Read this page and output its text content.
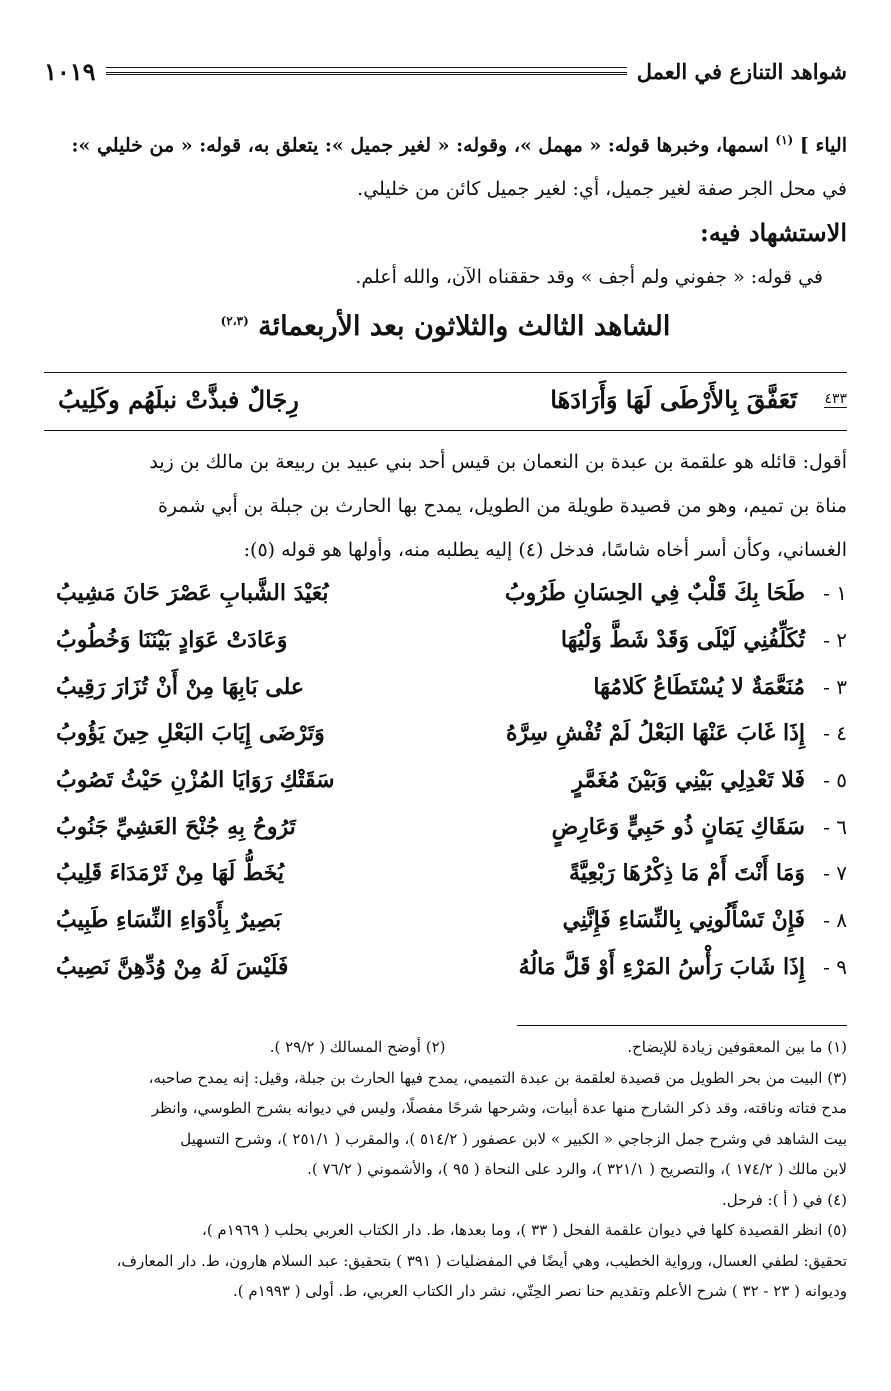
شواهد التنازع في العمل
١٠١٩

الياء ] $^{(١)}$ اسمها، وخبرها قوله: « مهمل »، وقوله: « لغير جميل »: يتعلق به، قوله: « من خليلي »:

في محل الجر صفة لغير جميل، أي: لغير جميل كائن من خليلي.

الاستشهاد فيه:

في قوله: « جفوني ولم أجف » وقد حققناه الآن، والله أعلم.

الشاهد الثالث والثلاثون بعد الأربعمائة $^{(٢،٣)}$

٤٣٣
تَعَفَّقَ بِالأَرْطَى لَهَا وَأَرَادَهَا
رِجَالٌ فبذَّتْ نبلَهُم وكَلِيبُ

أقول: قائله هو علقمة بن عبدة بن النعمان بن قيس أحد بني عبيد بن ربيعة بن مالك بن زيد

مناة بن تميم، وهو من قصيدة طويلة من الطويل، يمدح بها الحارث بن جبلة بن أبي شمرة

الغساني، وكأن أسر أخاه شاسًا، فدخل (٤) إليه يطلبه منه، وأولها هو قوله (٥):

١ -
طَحَا بِكَ قَلْبٌ فِي الحِسَانِ طَرُوبُ
بُعَيْدَ الشَّبابِ عَصْرَ حَانَ مَشِيبُ
٢ -
تُكَلِّفُنِي لَيْلَى وَقَدْ شَطَّ وَلْيُهَا
وَعَادَتْ عَوَادٍ بَيْنَنَا وَخُطُوبُ
٣ -
مُنَعَّمَةٌ لا يُسْتَطَاعُ كَلامُهَا
على بَابِهَا مِنْ أَنْ تُزَارَ رَقِيبُ
٤ -
إِذَا غَابَ عَنْهَا البَعْلُ لَمْ تُفْشِ سِرَّهُ
وَتَرْضَى إِيَابَ البَعْلِ حِينَ يَؤُوبُ
٥ -
فَلا تَعْدِلِي بَيْنِي وَبَيْنَ مُغَمَّرٍ
سَقَتْكِ رَوَايَا المُزْنِ حَيْثُ تَصُوبُ
٦ -
سَقَاكِ يَمَانٍ ذُو حَبِيٍّ وَعَارِضٍ
تَرُوحُ بِهِ جُنْحَ العَشِيِّ جَنُوبُ
٧ -
وَمَا أَنْتَ أَمْ مَا ذِكْرُهَا رَبْعِيَّةً
يُخَطُّ لَهَا مِنْ ثَرْمَدَاءَ قَلِيبُ
٨ -
فَإِنْ تَسْأَلُونِي بِالنِّسَاءِ فَإِنَّنِي
بَصِيرٌ بِأَدْوَاءِ النِّسَاءِ طَبِيبُ
٩ -
إِذَا شَابَ رَأْسُ المَرْءِ أَوْ قَلَّ مَالُهُ
فَلَيْسَ لَهُ مِنْ وُدِّهِنَّ نَصِيبُ

(١) ما بين المعقوفين زيادة للإيضاح.

(٢) أوضح المسالك ( ٢٩/٢ ).

(٣) البيت من بحر الطويل من قصيدة لعلقمة بن عبدة التميمي، يمدح فيها الحارث بن جبلة، وقيل: إنه يمدح صاحبه،

مدح فتاته وناقته، وقد ذكر الشارح منها عدة أبيات، وشرحها شرحًا مفصلًا، وليس في ديوانه بشرح الطوسي، وانظر

بيت الشاهد في وشرح جمل الزجاجي « الكبير » لابن عصفور ( ٥١٤/٢ )، والمقرب ( ٢٥١/١ )، وشرح التسهيل

لابن مالك ( ١٧٤/٢ )، والتصريح ( ٣٢١/١ )، والرد على النحاة ( ٩٥ )، والأشموني ( ٧٦/٢ ).

(٤) في ( أ ): فرحل.

(٥) انظر القصيدة كلها في ديوان علقمة الفحل ( ٣٣ )، وما بعدها، ط. دار الكتاب العربي بحلب ( ١٩٦٩م )،

تحقيق: لطفي العسال، ورواية الخطيب، وهي أيضًا في المفضليات ( ٣٩١ ) بتحقيق: عبد السلام هارون، ط. دار المعارف،

وديوانه ( ٢٣ - ٣٢ ) شرح الأعلم وتقديم حنا نصر الحِتّي، نشر دار الكتاب العربي، ط. أولى ( ١٩٩٣م ).
